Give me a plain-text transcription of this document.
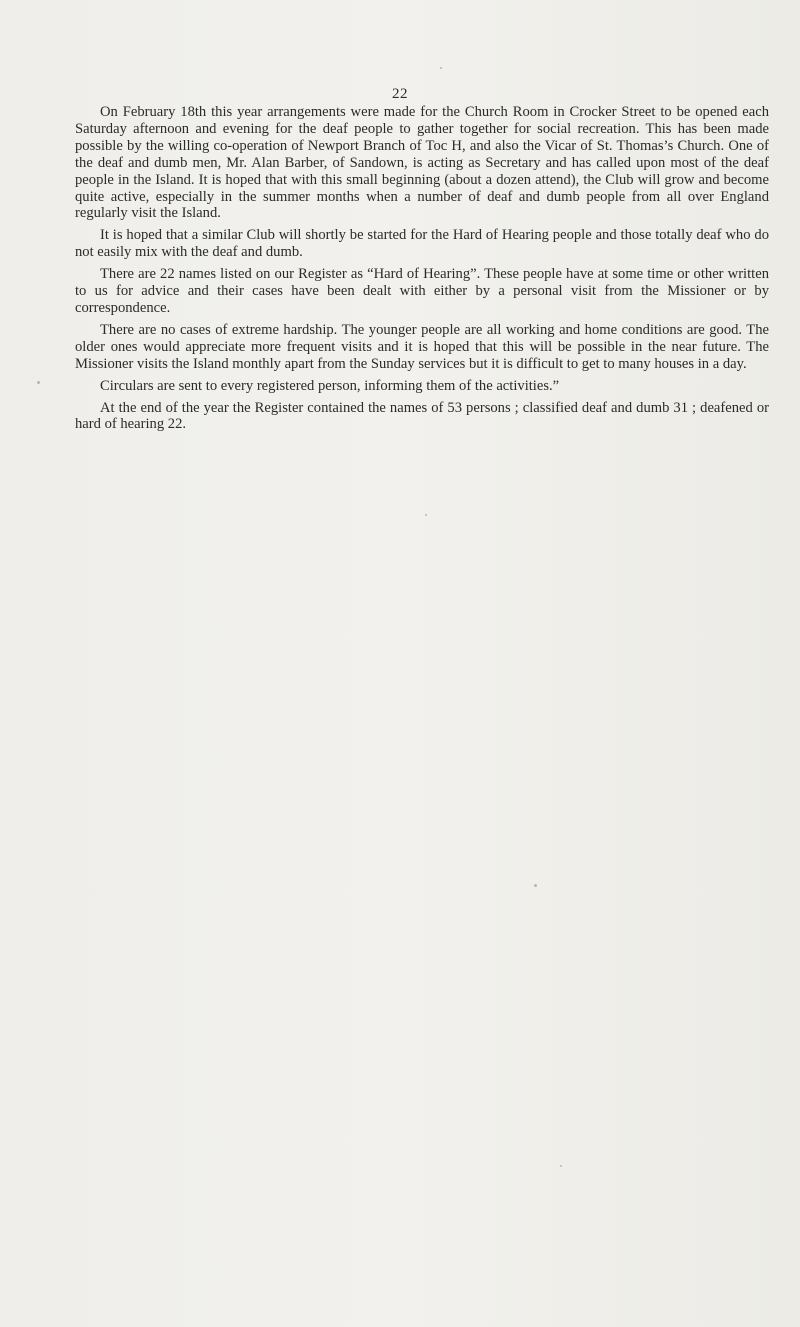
22

On February 18th this year arrangements were made for the Church Room in Crocker Street to be opened each Saturday afternoon and evening for the deaf people to gather together for social recreation. This has been made possible by the willing co-operation of Newport Branch of Toc H, and also the Vicar of St. Thomas’s Church. One of the deaf and dumb men, Mr. Alan Barber, of Sandown, is acting as Secretary and has called upon most of the deaf people in the Island. It is hoped that with this small beginning (about a dozen attend), the Club will grow and become quite active, especially in the summer months when a number of deaf and dumb people from all over England regularly visit the Island.

It is hoped that a similar Club will shortly be started for the Hard of Hearing people and those totally deaf who do not easily mix with the deaf and dumb.

There are 22 names listed on our Register as “Hard of Hearing”. These people have at some time or other written to us for advice and their cases have been dealt with either by a personal visit from the Missioner or by correspondence.

There are no cases of extreme hardship. The younger people are all working and home conditions are good. The older ones would appreciate more frequent visits and it is hoped that this will be possible in the near future. The Missioner visits the Island monthly apart from the Sunday services but it is difficult to get to many houses in a day.

Circulars are sent to every registered person, informing them of the activities.”

At the end of the year the Register contained the names of 53 persons ; classified deaf and dumb 31 ; deafened or hard of hearing 22.
